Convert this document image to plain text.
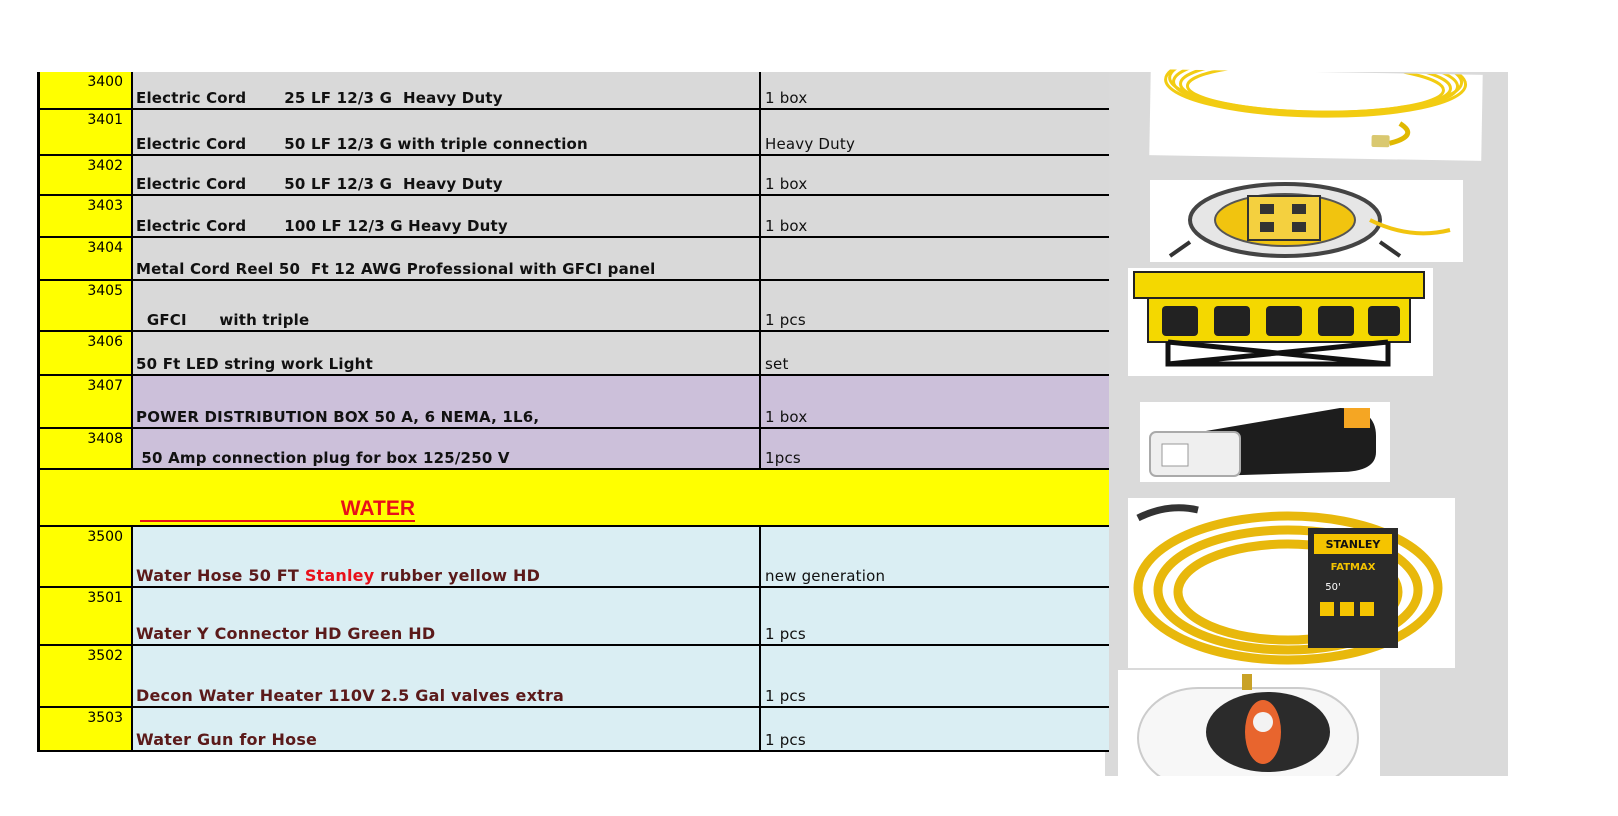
3400
Electric Cord       25 LF 12/3 G  Heavy Duty	1 box
3401
Electric Cord       50 LF 12/3 G with triple connection	Heavy Duty
3402
Electric Cord       50 LF 12/3 G  Heavy Duty	1 box
3403
Electric Cord       100 LF 12/3 G Heavy Duty	1 box
3404
Metal Cord Reel 50  Ft 12 AWG Professional with GFCI panel
3405
GFCI      with triple	1 pcs
3406
50 Ft LED string work Light	set
3407
POWER DISTRIBUTION BOX 50 A, 6 NEMA, 1L6,	1 box
3408
50 Amp connection plug for box 125/250 V	1pcs
WATER
3500
Water Hose 50 FT Stanley rubber yellow HD	new generation
3501
Water Y Connector HD Green HD	1 pcs
3502
Decon Water Heater 110V 2.5 Gal valves extra	1 pcs
3503
Water Gun for Hose	1 pcs
STANLEY
FATMAX
50'
